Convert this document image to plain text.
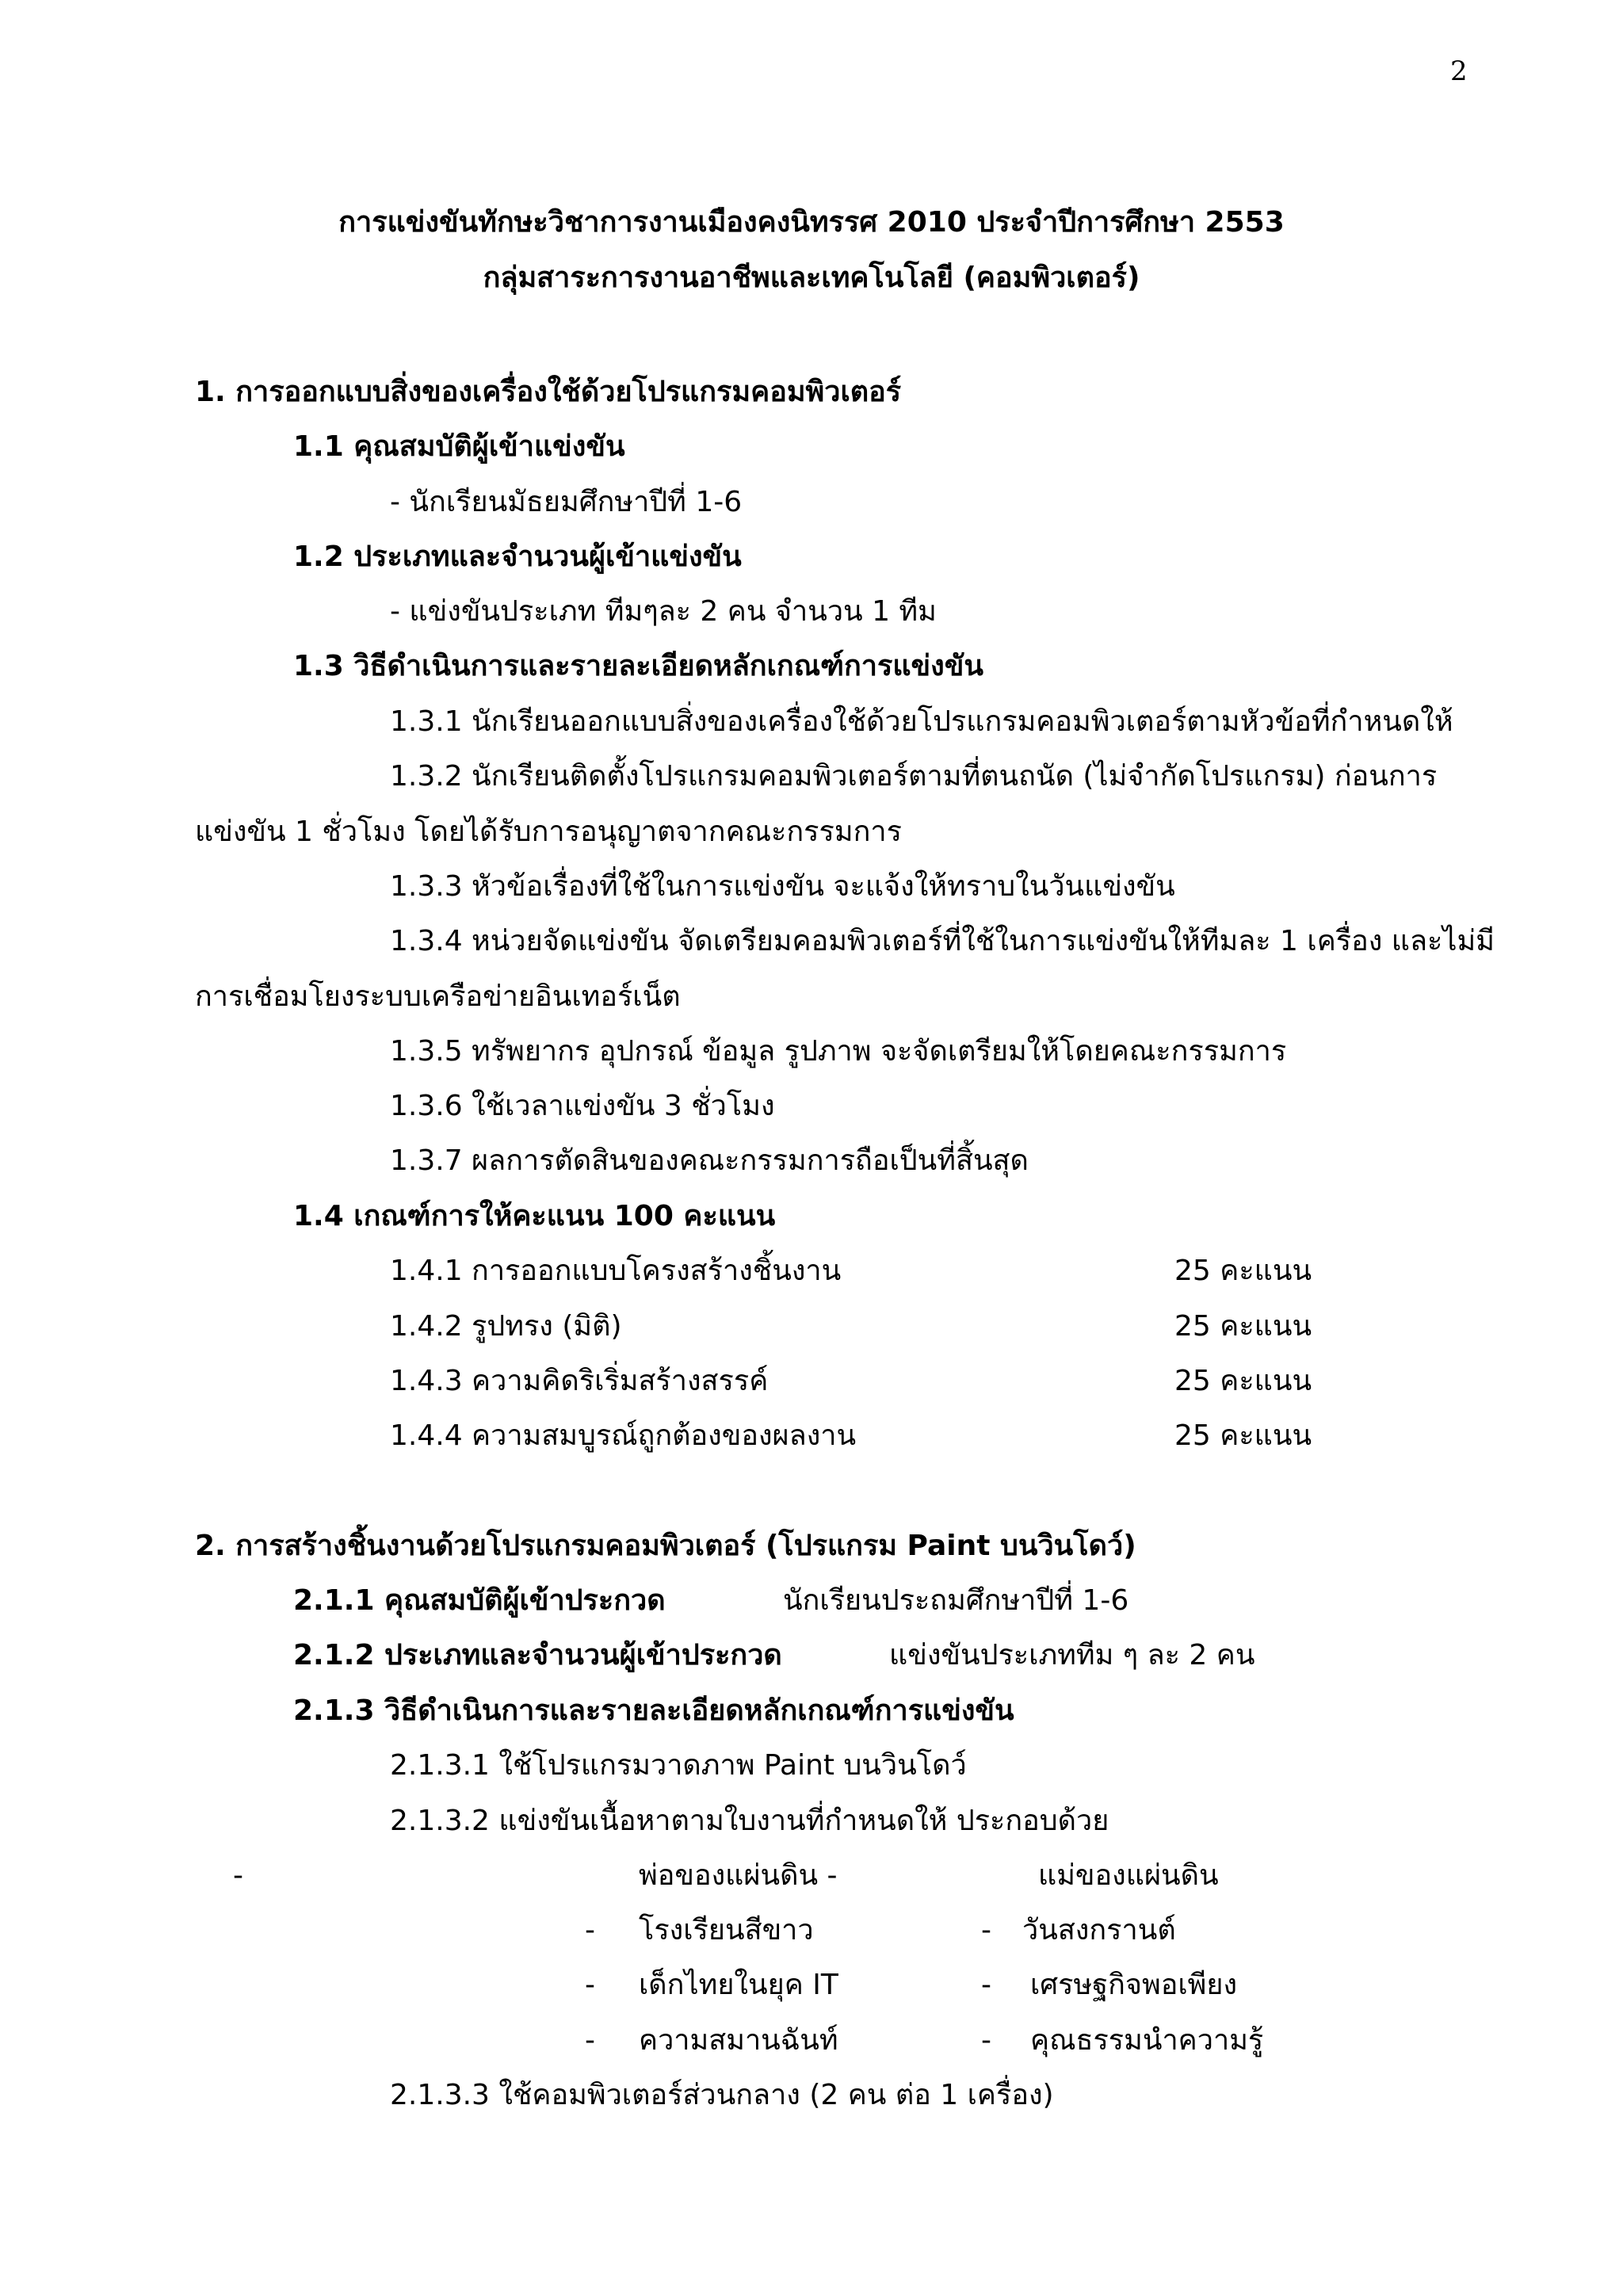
2
การแข่งขันทักษะวิชาการงานเมืองคงนิทรรศ 2010 ประจำปีการศึกษา 2553
กลุ่มสาระการงานอาชีพและเทคโนโลยี (คอมพิวเตอร์)
1. การออกแบบสิ่งของเครื่องใช้ด้วยโปรแกรมคอมพิวเตอร์
1.1 คุณสมบัติผู้เข้าแข่งขัน
- นักเรียนมัธยมศึกษาปีที่ 1-6
1.2 ประเภทและจำนวนผู้เข้าแข่งขัน
- แข่งขันประเภท ทีมๆละ 2 คน จำนวน 1 ทีม
1.3 วิธีดำเนินการและรายละเอียดหลักเกณฑ์การแข่งขัน
1.3.1 นักเรียนออกแบบสิ่งของเครื่องใช้ด้วยโปรแกรมคอมพิวเตอร์ตามหัวข้อที่กำหนดให้
1.3.2 นักเรียนติดตั้งโปรแกรมคอมพิวเตอร์ตามที่ตนถนัด (ไม่จำกัดโปรแกรม) ก่อนการ
แข่งขัน 1 ชั่วโมง โดยได้รับการอนุญาตจากคณะกรรมการ
1.3.3 หัวข้อเรื่องที่ใช้ในการแข่งขัน จะแจ้งให้ทราบในวันแข่งขัน
1.3.4 หน่วยจัดแข่งขัน จัดเตรียมคอมพิวเตอร์ที่ใช้ในการแข่งขันให้ทีมละ 1 เครื่อง และไม่มี
การเชื่อมโยงระบบเครือข่ายอินเทอร์เน็ต
1.3.5 ทรัพยากร อุปกรณ์ ข้อมูล รูปภาพ จะจัดเตรียมให้โดยคณะกรรมการ
1.3.6 ใช้เวลาแข่งขัน 3 ชั่วโมง
1.3.7 ผลการตัดสินของคณะกรรมการถือเป็นที่สิ้นสุด
1.4 เกณฑ์การให้คะแนน 100 คะแนน
1.4.1 การออกแบบโครงสร้างชิ้นงาน	25 คะแนน
1.4.2 รูปทรง (มิติ)	25 คะแนน
1.4.3 ความคิดริเริ่มสร้างสรรค์	25 คะแนน
1.4.4 ความสมบูรณ์ถูกต้องของผลงาน	25 คะแนน
2. การสร้างชิ้นงานด้วยโปรแกรมคอมพิวเตอร์ (โปรแกรม Paint บนวินโดว์)
2.1.1 คุณสมบัติผู้เข้าประกวด	นักเรียนประถมศึกษาปีที่ 1-6
2.1.2 ประเภทและจำนวนผู้เข้าประกวด	แข่งขันประเภททีม ๆ ละ 2 คน
2.1.3 วิธีดำเนินการและรายละเอียดหลักเกณฑ์การแข่งขัน
2.1.3.1 ใช้โปรแกรมวาดภาพ Paint บนวินโดว์
2.1.3.2 แข่งขันเนื้อหาตามใบงานที่กำหนดให้ ประกอบด้วย
-	พ่อของแผ่นดิน -	แม่ของแผ่นดิน
- โรงเรียนสีขาว	- วันสงกรานต์
- เด็กไทยในยุค IT	- เศรษฐกิจพอเพียง
- ความสมานฉันท์	- คุณธรรมนำความรู้
2.1.3.3 ใช้คอมพิวเตอร์ส่วนกลาง (2 คน ต่อ 1 เครื่อง)
